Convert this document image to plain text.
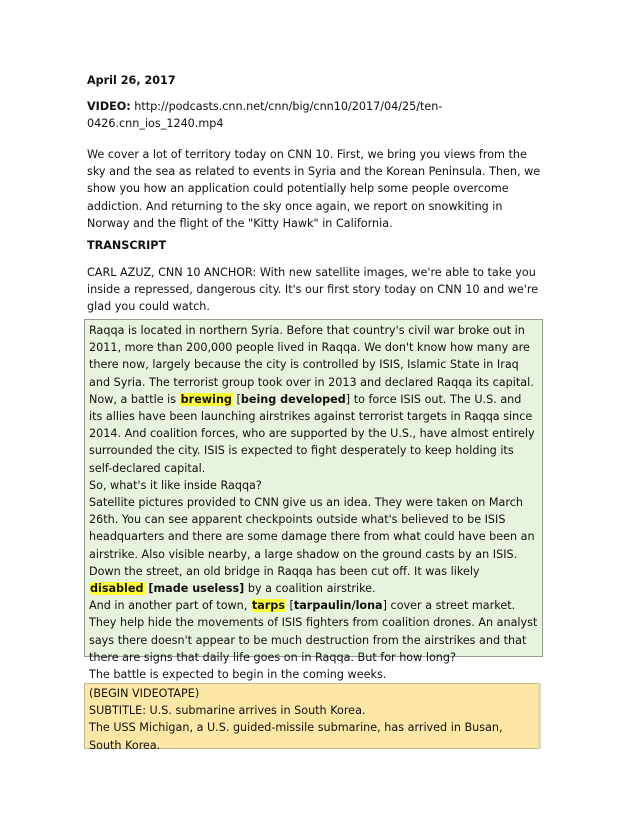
April 26, 2017

VIDEO: http://podcasts.cnn.net/cnn/big/cnn10/2017/04/25/ten-
0426.cnn_ios_1240.mp4

We cover a lot of territory today on CNN 10. First, we bring you views from the sky and the sea as related to events in Syria and the Korean Peninsula. Then, we show you how an application could potentially help some people overcome addiction. And returning to the sky once again, we report on snowkiting in Norway and the flight of the "Kitty Hawk" in California.

TRANSCRIPT

CARL AZUZ, CNN 10 ANCHOR: With new satellite images, we're able to take you inside a repressed, dangerous city. It's our first story today on CNN 10 and we're glad you could watch.

Raqqa is located in northern Syria. Before that country's civil war broke out in 2011, more than 200,000 people lived in Raqqa. We don't know how many are there now, largely because the city is controlled by ISIS, Islamic State in Iraq and Syria. The terrorist group took over in 2013 and declared Raqqa its capital.

Now, a battle is brewing [being developed] to force ISIS out. The U.S. and its allies have been launching airstrikes against terrorist targets in Raqqa since 2014. And coalition forces, who are supported by the U.S., have almost entirely surrounded the city. ISIS is expected to fight desperately to keep holding its self-declared capital.

So, what's it like inside Raqqa?

Satellite pictures provided to CNN give us an idea. They were taken on March 26th. You can see apparent checkpoints outside what's believed to be ISIS headquarters and there are some damage there from what could have been an airstrike. Also visible nearby, a large shadow on the ground casts by an ISIS. Down the street, an old bridge in Raqqa has been cut off. It was likely disabled [made useless] by a coalition airstrike.

And in another part of town, tarps [tarpaulin/lona] cover a street market. They help hide the movements of ISIS fighters from coalition drones. An analyst says there doesn't appear to be much destruction from the airstrikes and that there are signs that daily life goes on in Raqqa. But for how long?

The battle is expected to begin in the coming weeks.

(BEGIN VIDEOTAPE)

SUBTITLE: U.S. submarine arrives in South Korea.

The USS Michigan, a U.S. guided-missile submarine, has arrived in Busan, South Korea.
